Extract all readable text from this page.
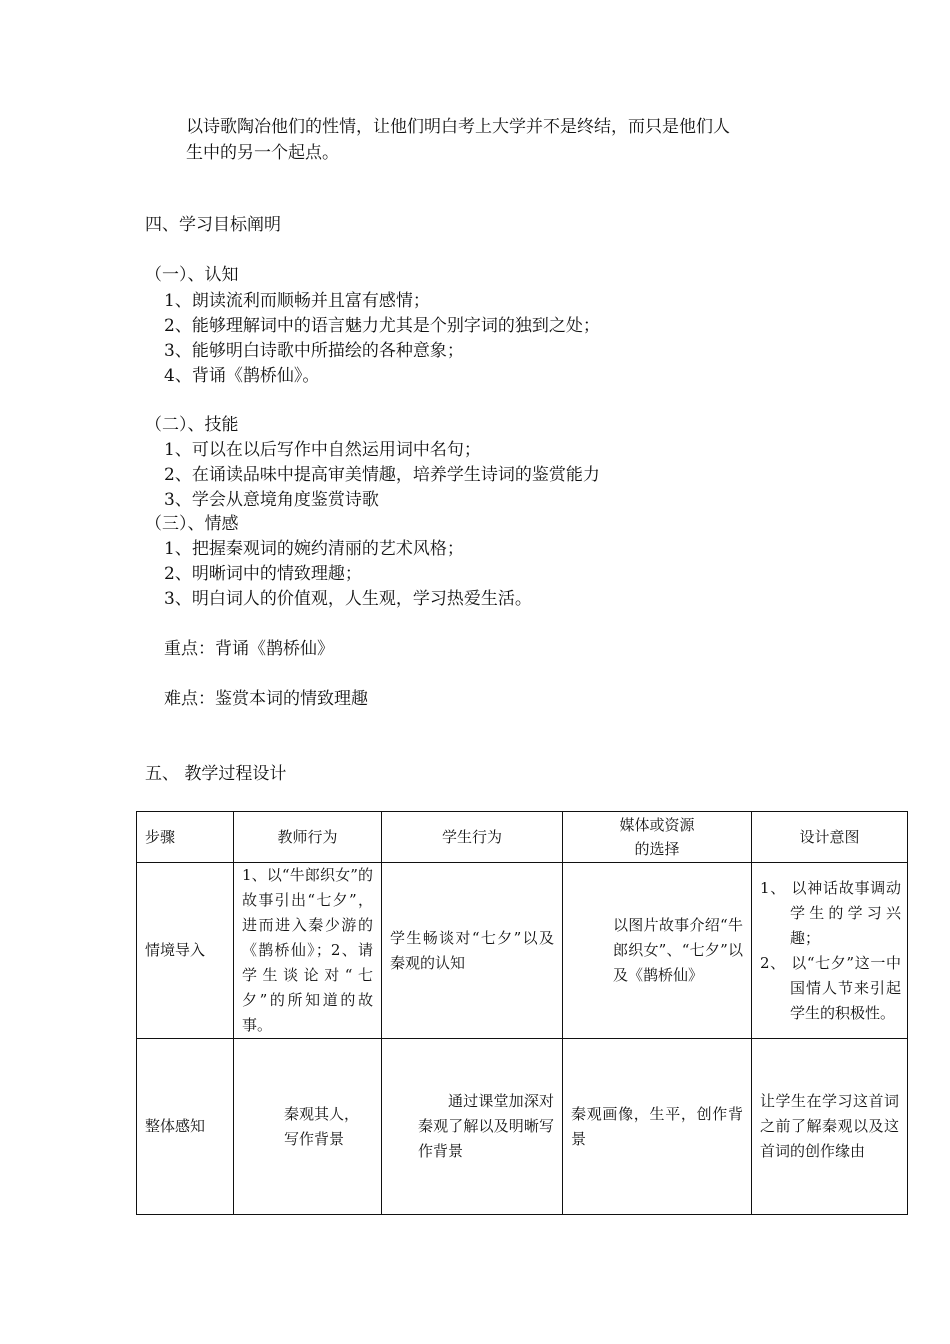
以诗歌陶冶他们的性情，让他们明白考上大学并不是终结，而只是他们人
生中的另一个起点。
四、学习目标阐明
（一）、认知
1、朗读流利而顺畅并且富有感情；
2、能够理解词中的语言魅力尤其是个别字词的独到之处；
3、能够明白诗歌中所描绘的各种意象；
4、背诵《鹊桥仙》。
（二）、技能
1、可以在以后写作中自然运用词中名句；
2、在诵读品味中提高审美情趣，培养学生诗词的鉴赏能力
3、学会从意境角度鉴赏诗歌
（三）、情感
1、把握秦观词的婉约清丽的艺术风格；
2、明晰词中的情致理趣；
3、明白词人的价值观，人生观，学习热爱生活。
重点：背诵《鹊桥仙》
难点：鉴赏本词的情致理趣
五、 教学过程设计
步骤	教师行为	学生行为	媒体或资源
的选择	设计意图
情境导入	1、以“牛郎织女”的故事引出“七夕”，进而进入秦少游的《鹊桥仙》；2、请学生谈论对“七夕”的所知道的故事。	学生畅谈对“七夕”以及秦观的认知	以图片故事介绍“牛郎织女”、“七夕”以及《鹊桥仙》	1、 以神话故事调动学生的学习兴趣；
2、 以“七夕”这一中国情人节来引起学生的积极性。

整体感知	秦观其人，
写作背景	通过课堂加深对秦观了解以及明晰写作背景	秦观画像，生平，创作背景	让学生在学习这首词之前了解秦观以及这首词的创作缘由
